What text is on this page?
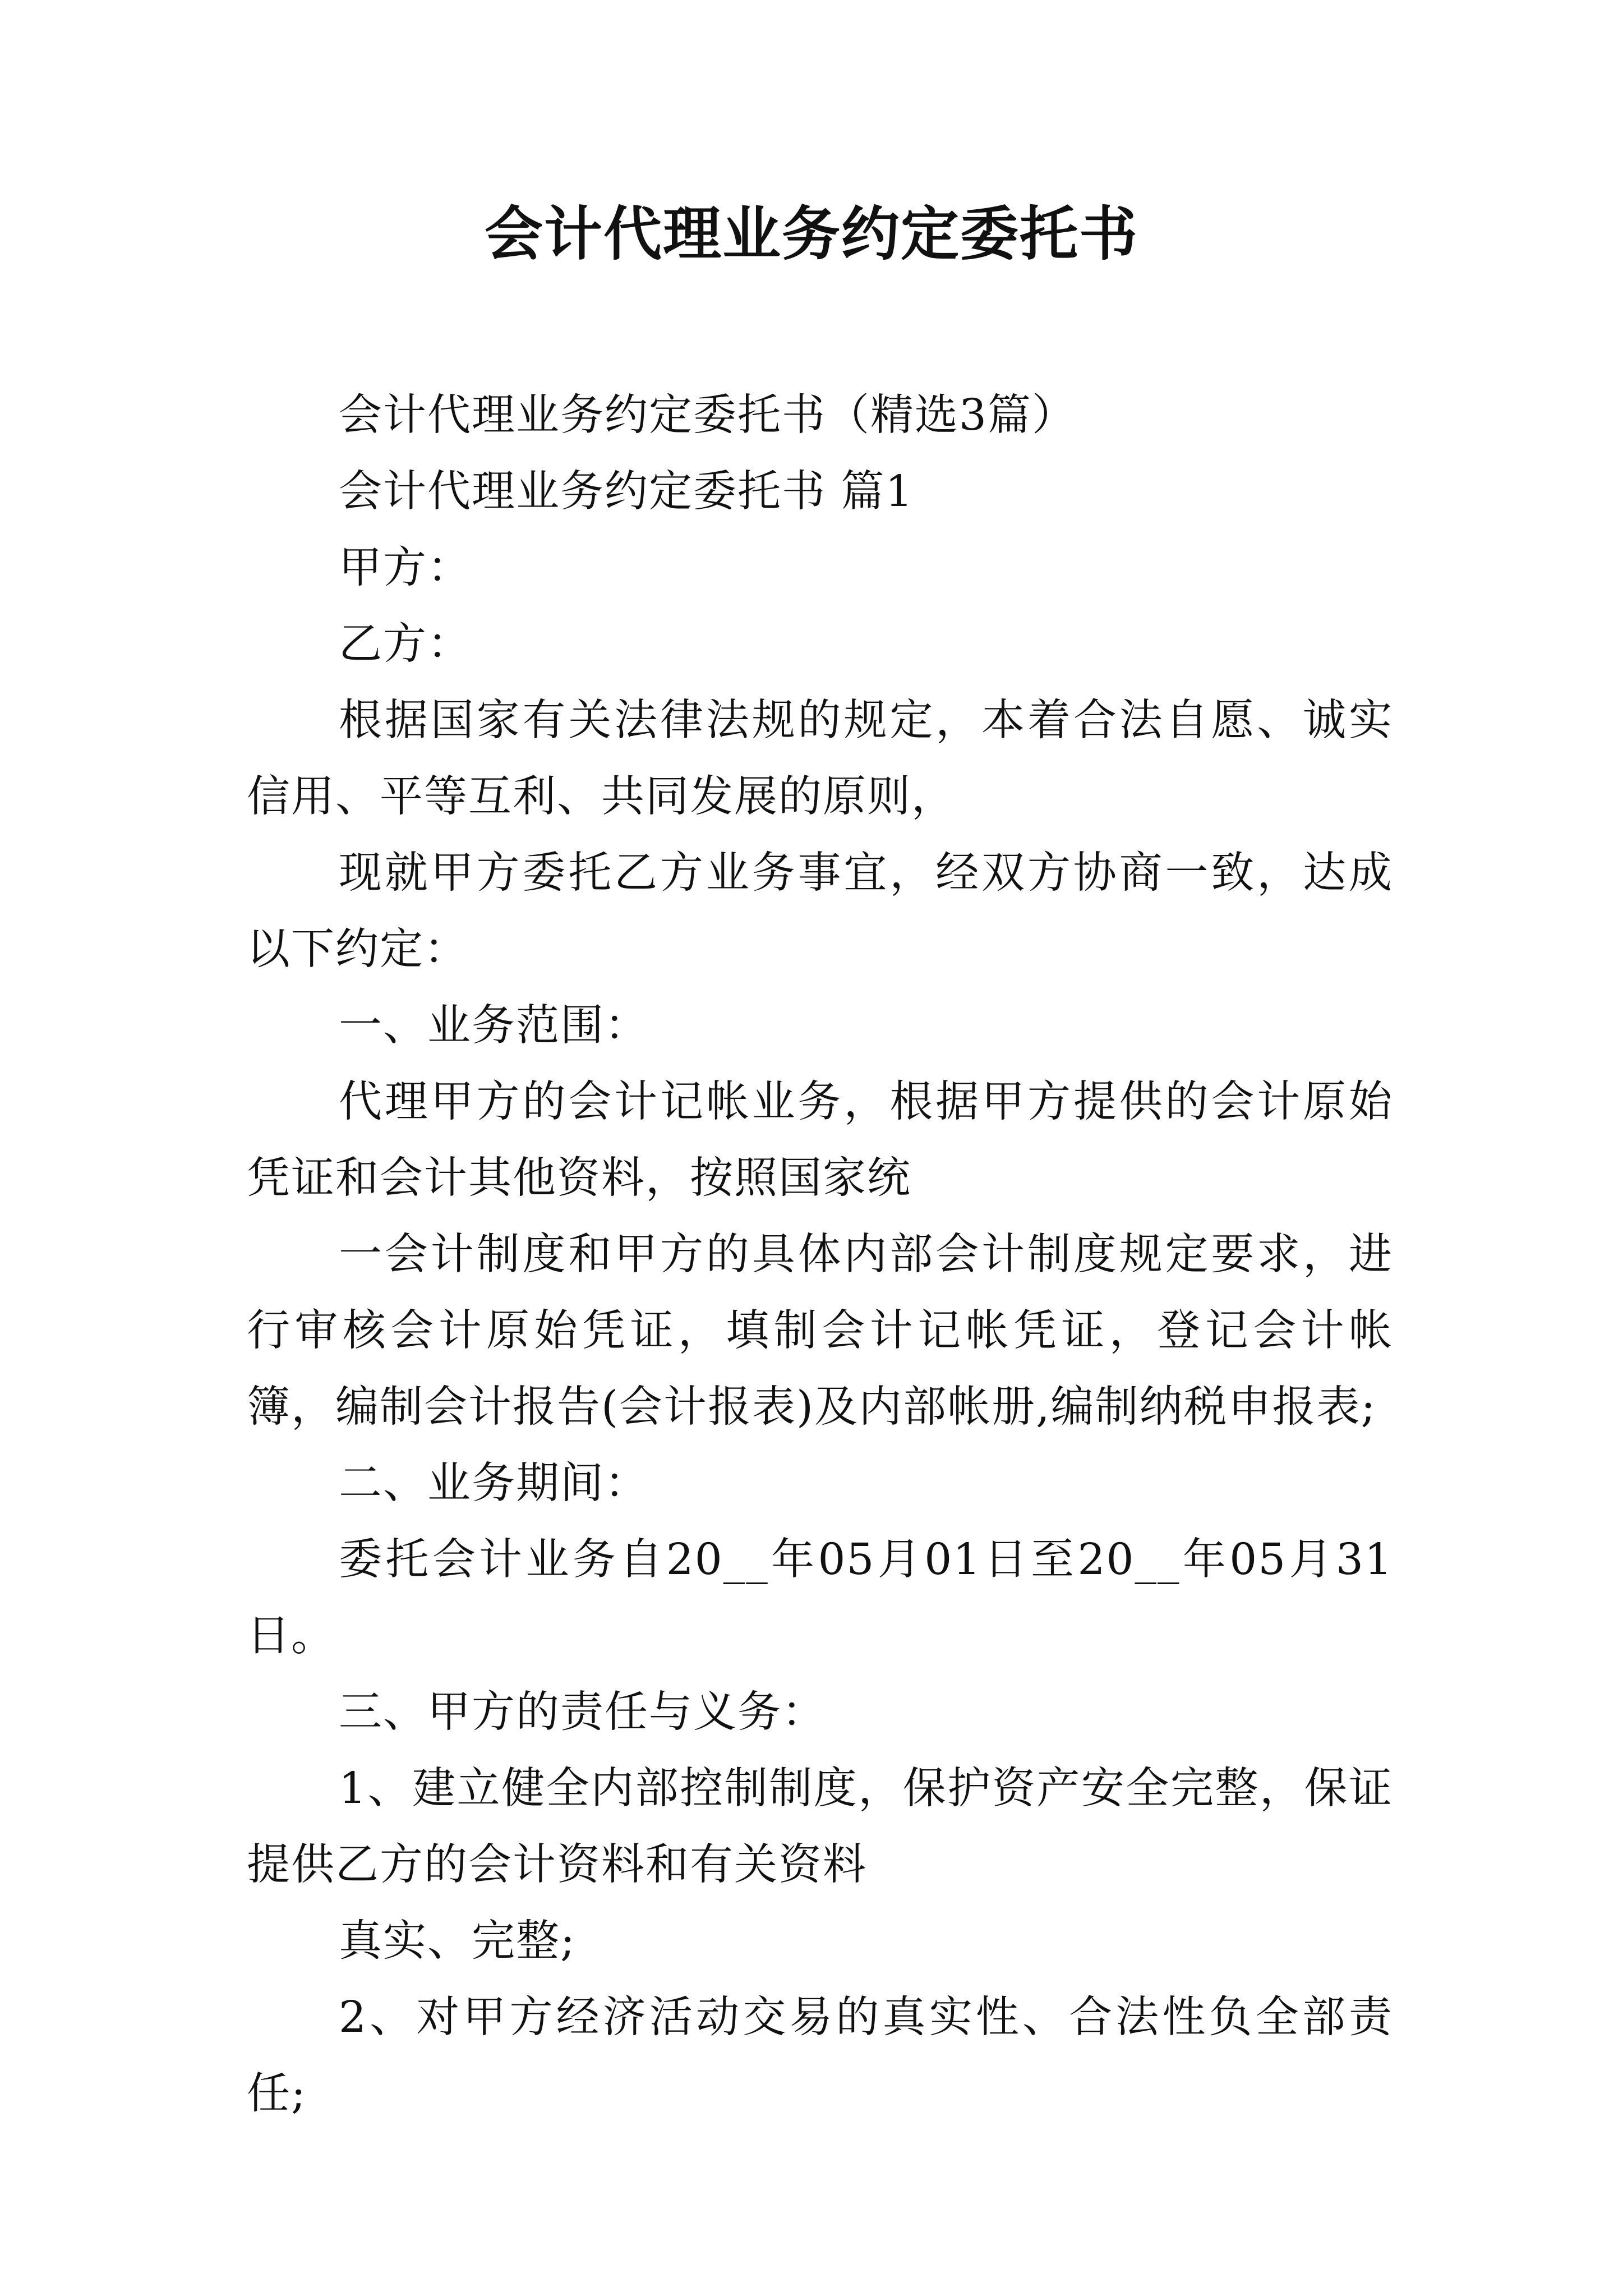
会计代理业务约定委托书

会计代理业务约定委托书（精选3篇）

会计代理业务约定委托书 篇1

甲方：

乙方：

根据国家有关法律法规的规定，本着合法自愿、诚实信用、平等互利、共同发展的原则，

现就甲方委托乙方业务事宜，经双方协商一致，达成以下约定：

一、业务范围：

代理甲方的会计记帐业务，根据甲方提供的会计原始凭证和会计其他资料，按照国家统

一会计制度和甲方的具体内部会计制度规定要求，进行审核会计原始凭证，填制会计记帐凭证，登记会计帐簿，编制会计报告(会计报表)及内部帐册,编制纳税申报表;

二、业务期间：

委托会计业务自20__年05月01日至20__年05月31日。

三、甲方的责任与义务：

1、建立健全内部控制制度，保护资产安全完整，保证提供乙方的会计资料和有关资料

真实、完整;

2、对甲方经济活动交易的真实性、合法性负全部责任;
